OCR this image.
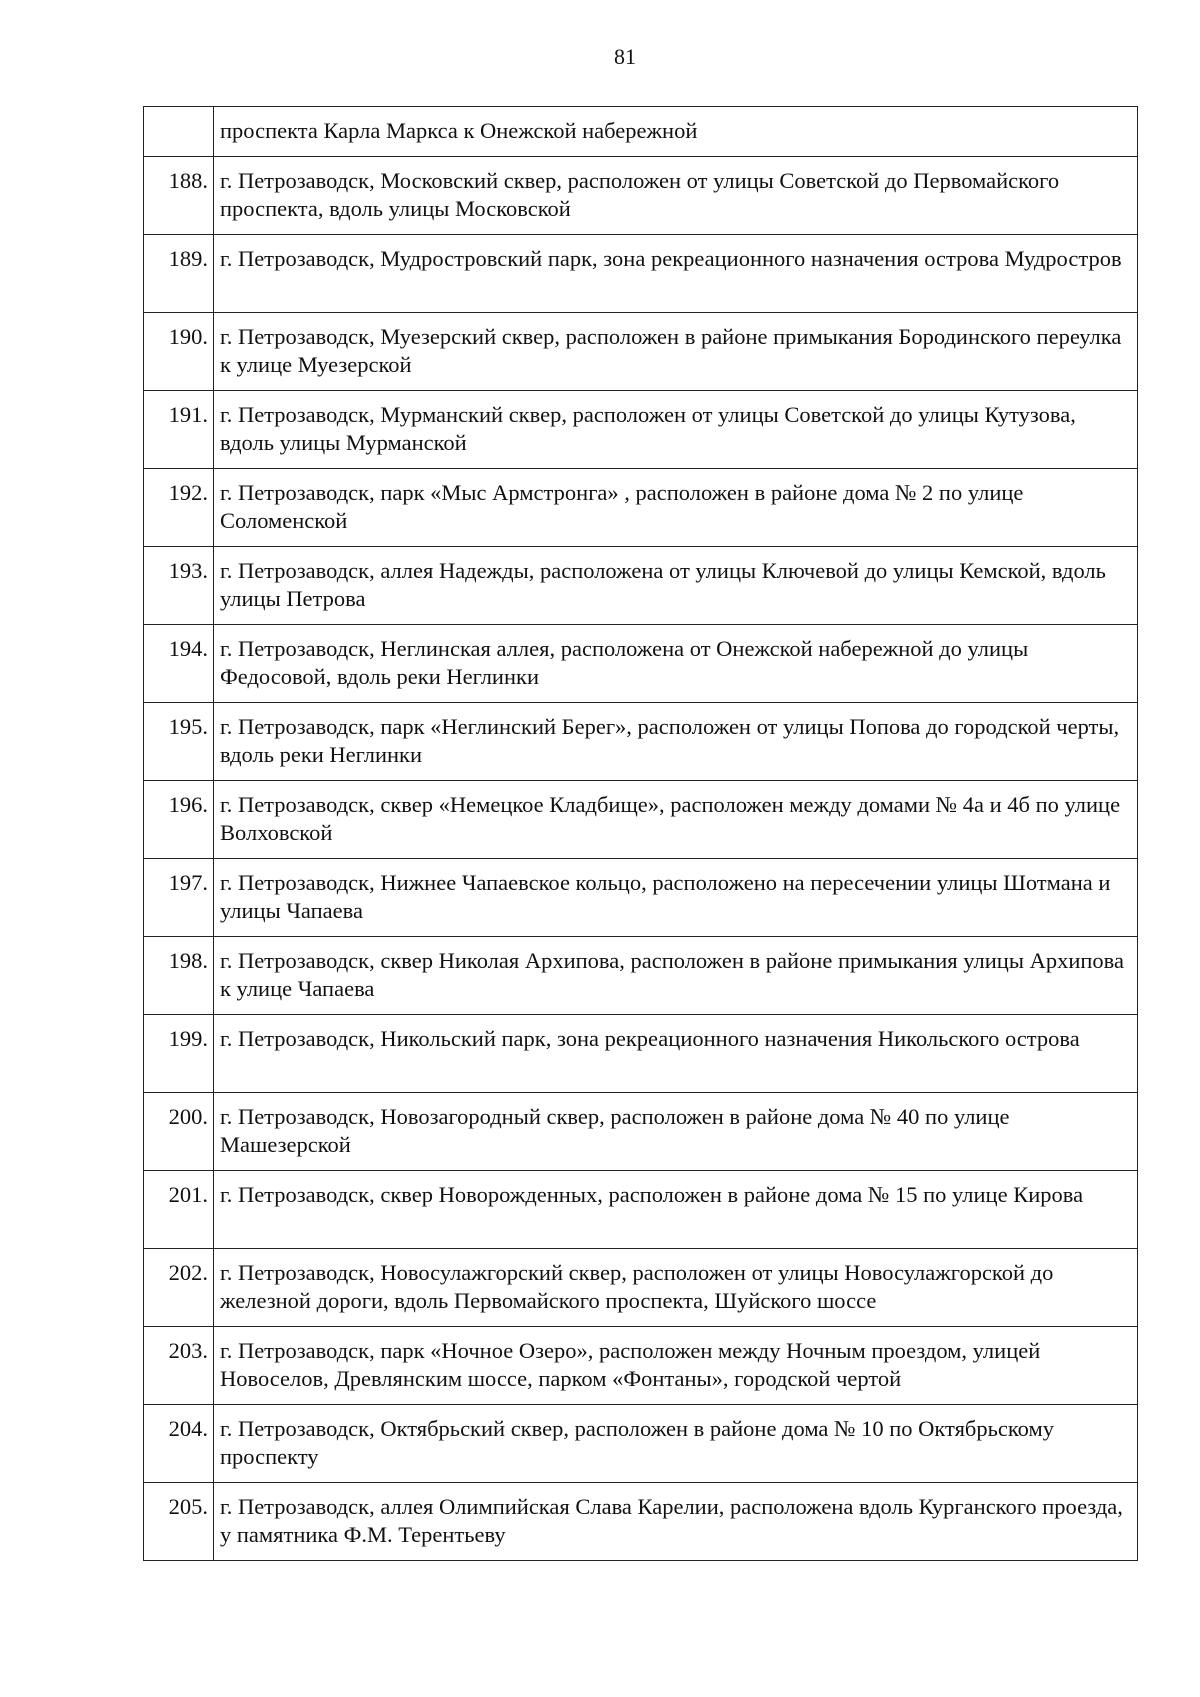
81
	проспекта Карла Маркса к Онежской набережной
188.	г. Петрозаводск, Московский сквер, расположен от улицы Советской до Первомайского проспекта, вдоль улицы Московской
189.	г. Петрозаводск, Мудростровский парк, зона рекреационного назначения острова Мудростров
190.	г. Петрозаводск, Муезерский сквер, расположен в районе примыкания Бородинского переулка к улице Муезерской
191.	г. Петрозаводск, Мурманский сквер, расположен от улицы Советской до улицы Кутузова, вдоль улицы Мурманской
192.	г. Петрозаводск, парк «Мыс Армстронга» , расположен в районе дома № 2 по улице Соломенской
193.	г. Петрозаводск, аллея Надежды, расположена от улицы Ключевой до улицы Кемской, вдоль улицы Петрова
194.	г. Петрозаводск, Неглинская аллея, расположена от Онежской набережной до улицы Федосовой, вдоль реки Неглинки
195.	г. Петрозаводск, парк «Неглинский Берег», расположен от улицы Попова до городской черты, вдоль реки Неглинки
196.	г. Петрозаводск, сквер «Немецкое Кладбище», расположен между домами № 4а и 4б по улице Волховской
197.	г. Петрозаводск, Нижнее Чапаевское кольцо, расположено на пересечении улицы Шотмана и улицы Чапаева
198.	г. Петрозаводск, сквер Николая Архипова, расположен в районе примыкания улицы Архипова к улице Чапаева
199.	г. Петрозаводск, Никольский парк, зона рекреационного назначения Никольского острова
200.	г. Петрозаводск, Новозагородный сквер, расположен в районе дома № 40 по улице Машезерской
201.	г. Петрозаводск, сквер Новорожденных, расположен в районе дома № 15 по улице Кирова
202.	г. Петрозаводск, Новосулажгорский сквер, расположен от улицы Новосулажгорской до железной дороги, вдоль Первомайского проспекта, Шуйского шоссе
203.	г. Петрозаводск, парк «Ночное Озеро», расположен между Ночным проездом, улицей Новоселов, Древлянским шоссе, парком «Фонтаны», городской чертой
204.	г. Петрозаводск, Октябрьский сквер, расположен в районе дома № 10 по Октябрьскому проспекту
205.	г. Петрозаводск, аллея Олимпийская Слава Карелии, расположена вдоль Курганского проезда, у памятника Ф.М. Терентьеву
